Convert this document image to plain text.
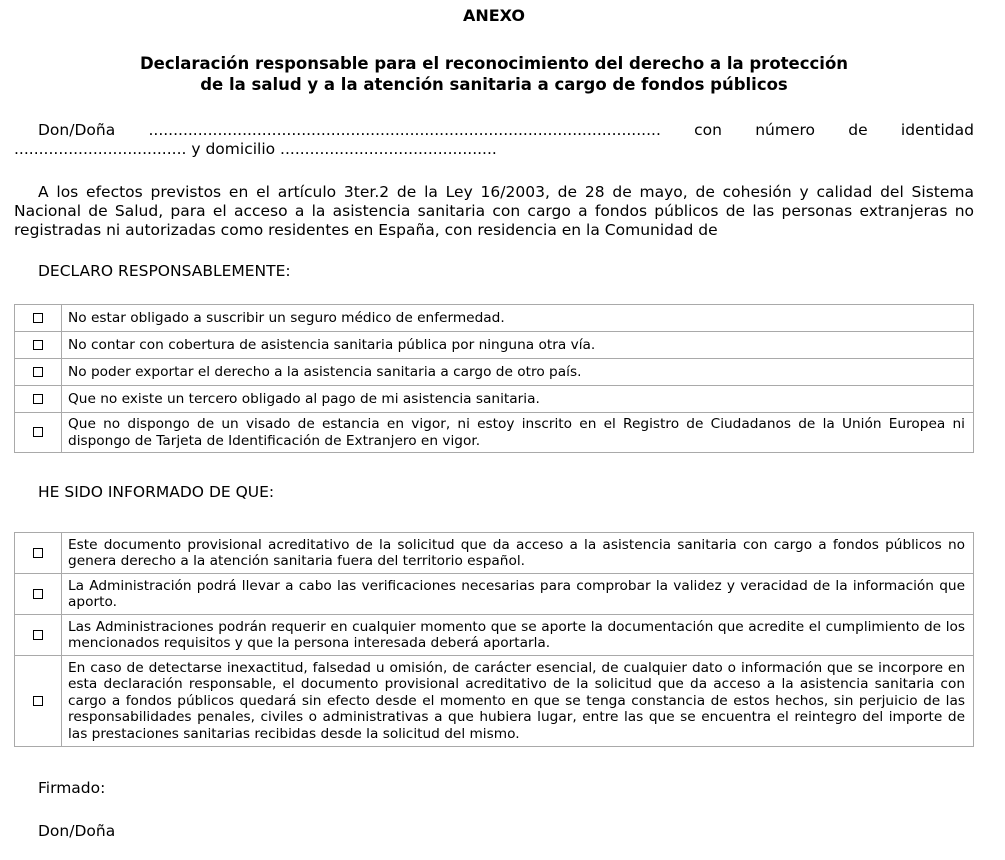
ANEXO
Declaración responsable para el reconocimiento del derecho a la protección
de la salud y a la atención sanitaria a cargo de fondos públicos
Don/Doña ........................................................................................................ con número de identidad ................................... y domicilio ............................................
A los efectos previstos en el artículo 3ter.2 de la Ley 16/2003, de 28 de mayo, de cohesión y calidad del Sistema Nacional de Salud, para el acceso a la asistencia sanitaria con cargo a fondos públicos de las personas extranjeras no registradas ni autorizadas como residentes en España, con residencia en la Comunidad de
DECLARO RESPONSABLEMENTE:
	No estar obligado a suscribir un seguro médico de enfermedad.
	No contar con cobertura de asistencia sanitaria pública por ninguna otra vía.
	No poder exportar el derecho a la asistencia sanitaria a cargo de otro país.
	Que no existe un tercero obligado al pago de mi asistencia sanitaria.
	Que no dispongo de un visado de estancia en vigor, ni estoy inscrito en el Registro de Ciudadanos de la Unión Europea ni dispongo de Tarjeta de Identificación de Extranjero en vigor.
HE SIDO INFORMADO DE QUE:
	Este documento provisional acreditativo de la solicitud que da acceso a la asistencia sanitaria con cargo a fondos públicos no genera derecho a la atención sanitaria fuera del territorio español.
	La Administración podrá llevar a cabo las verificaciones necesarias para comprobar la validez y veracidad de la información que aporto.
	Las Administraciones podrán requerir en cualquier momento que se aporte la documentación que acredite el cumplimiento de los mencionados requisitos y que la persona interesada deberá aportarla.
	En caso de detectarse inexactitud, falsedad u omisión, de carácter esencial, de cualquier dato o información que se incorpore en esta declaración responsable, el documento provisional acreditativo de la solicitud que da acceso a la asistencia sanitaria con cargo a fondos públicos quedará sin efecto desde el momento en que se tenga constancia de estos hechos, sin perjuicio de las responsabilidades penales, civiles o administrativas a que hubiera lugar, entre las que se encuentra el reintegro del importe de las prestaciones sanitarias recibidas desde la solicitud del mismo.
Firmado:
Don/Doña
